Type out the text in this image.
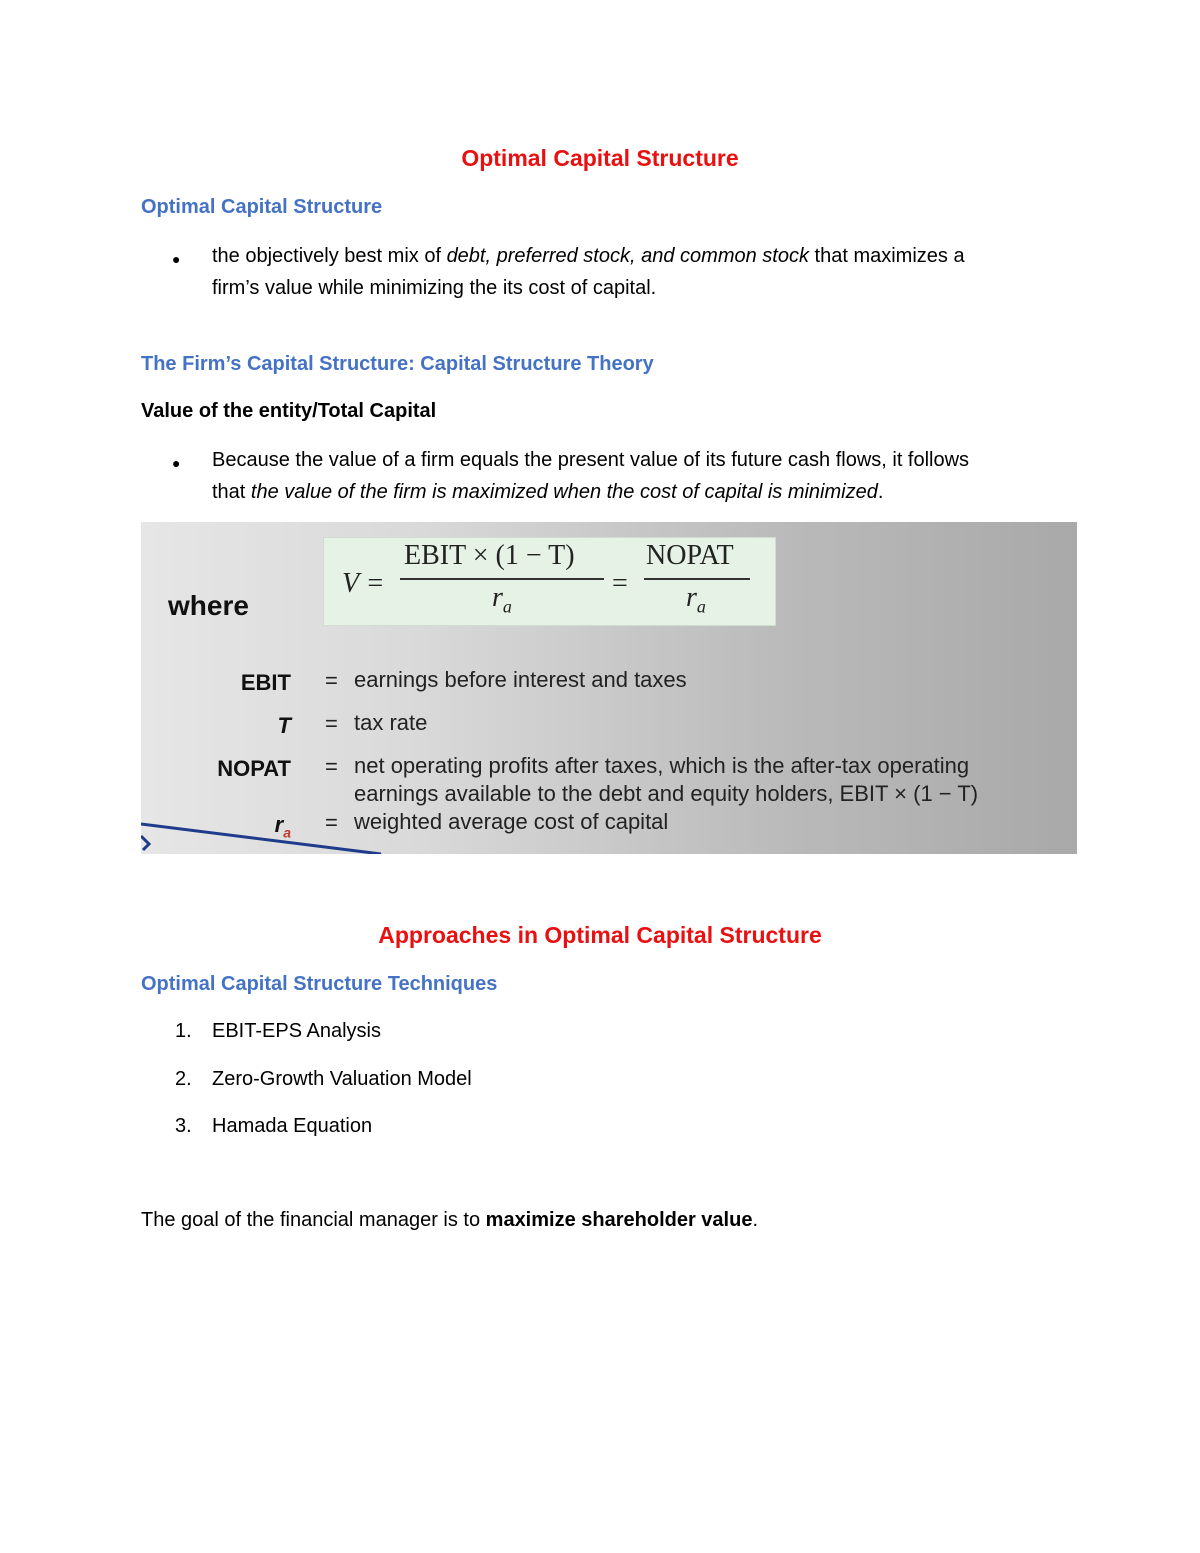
Optimal Capital Structure
Optimal Capital Structure
● the objectively best mix of debt, preferred stock, and common stock that maximizes a
firm’s value while minimizing the its cost of capital.
The Firm’s Capital Structure: Capital Structure Theory
Value of the entity/Total Capital
● Because the value of a firm equals the present value of its future cash flows, it follows
that the value of the firm is maximized when the cost of capital is minimized.
V =
EBIT × (1 − T)
$r_a$
=
NOPAT
$r_a$
where
EBIT = earnings before interest and taxes
T = tax rate
NOPAT = net operating profits after taxes, which is the after-tax operating
earnings available to the debt and equity holders, EBIT × (1 − T)
$r_a$ = weighted average cost of capital
Approaches in Optimal Capital Structure
Optimal Capital Structure Techniques
1. EBIT-EPS Analysis
2. Zero-Growth Valuation Model
3. Hamada Equation
The goal of the financial manager is to maximize shareholder value.
